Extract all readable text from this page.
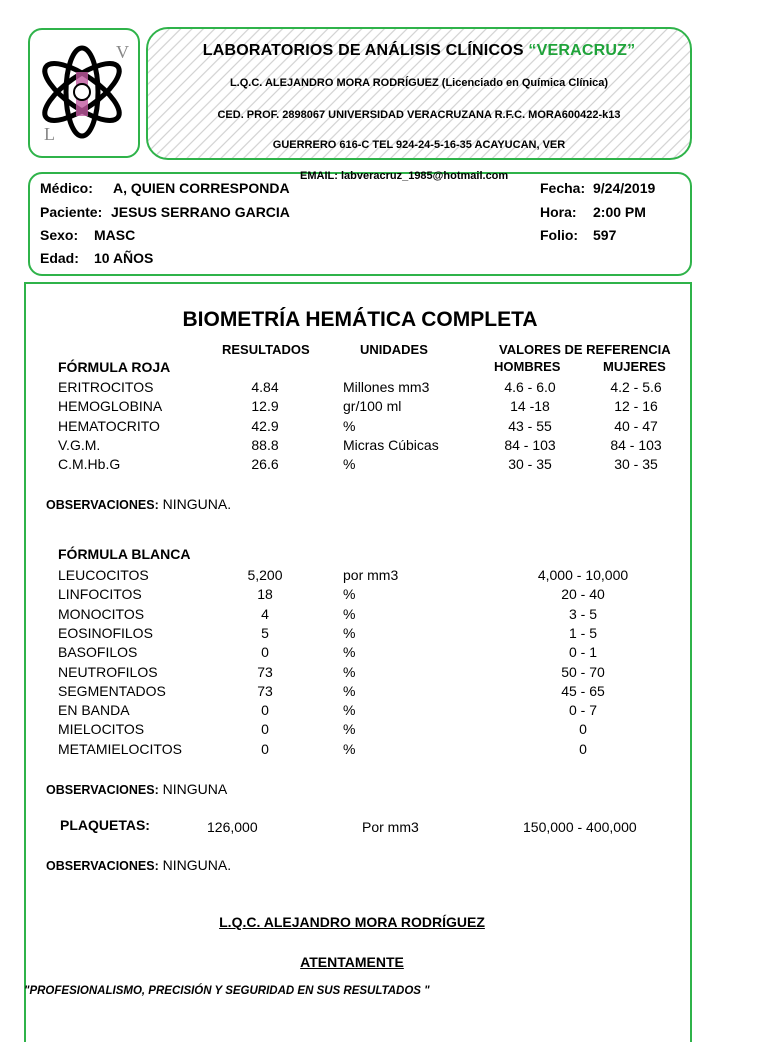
V
L
LABORATORIOS DE ANÁLISIS CLÍNICOS “VERACRUZ”
L.Q.C. ALEJANDRO MORA RODRÍGUEZ (Licenciado en Química Clínica)
CED. PROF. 2898067 UNIVERSIDAD VERACRUZANA R.F.C. MORA600422-k13
GUERRERO 616-C TEL 924-24-5-16-35 ACAYUCAN, VER
EMAIL: labveracruz_1985@hotmail.com
Médico: A, QUIEN CORRESPONDA
Paciente: JESUS SERRANO GARCIA
Sexo: MASC
Edad: 10 AÑOS
Fecha: 9/24/2019
Hora: 2:00 PM
Folio: 597
BIOMETRÍA HEMÁTICA COMPLETA
RESULTADOS	UNIDADES	VALORES DE REFERENCIA
HOMBRES	MUJERES
FÓRMULA ROJA
ERITROCITOS	4.84	Millones mm3	4.6 - 6.0	4.2 - 5.6
HEMOGLOBINA	12.9	gr/100 ml	14 -18	12 - 16
HEMATOCRITO	42.9	%	43 - 55	40 - 47
V.G.M.	88.8	Micras Cúbicas	84 - 103	84 - 103
C.M.Hb.G	26.6	%	30 - 35	30 - 35
OBSERVACIONES: NINGUNA.
FÓRMULA BLANCA
LEUCOCITOS	5,200	por mm3	4,000 - 10,000
LINFOCITOS	18	%	20 - 40
MONOCITOS	4	%	3 - 5
EOSINOFILOS	5	%	1 - 5
BASOFILOS	0	%	0 - 1
NEUTROFILOS	73	%	50 - 70
SEGMENTADOS	73	%	45 - 65
EN BANDA	0	%	0 - 7
MIELOCITOS	0	%	0
METAMIELOCITOS	0	%	0
OBSERVACIONES: NINGUNA
PLAQUETAS:	126,000	Por mm3	150,000 - 400,000
OBSERVACIONES: NINGUNA.
L.Q.C. ALEJANDRO MORA RODRÍGUEZ
ATENTAMENTE
"PROFESIONALISMO, PRECISIÓN Y SEGURIDAD EN SUS RESULTADOS "
